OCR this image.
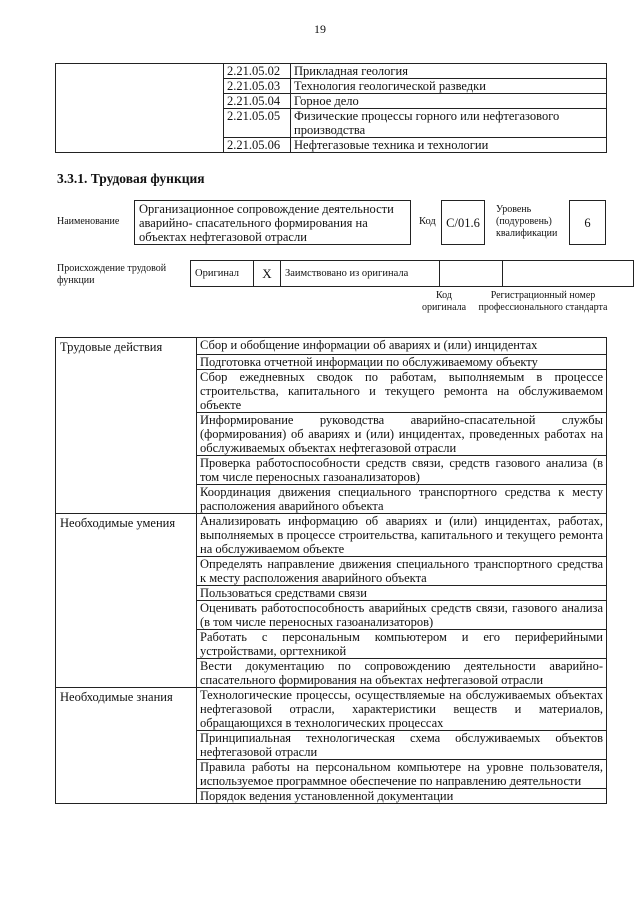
19
	2.21.05.02	Прикладная геология
	2.21.05.03	Технология геологической разведки
	2.21.05.04	Горное дело
	2.21.05.05	Физические процессы горного или нефтегазового производства
	2.21.05.06	Нефтегазовые техника и технологии
3.3.1. Трудовая функция
Наименование
Организационное сопровождение деятельности аварийно- спасательного формирования на объектах нефтегазовой отрасли
Код С/01.6
Уровень (подуровень) квалификации
6
Происхождение трудовой функции
Оригинал	X	Заимствовано из оригинала		
Код оригинала
Регистрационный номер профессионального стандарта
Трудовые действия	Сбор и обобщение информации об авариях и (или) инцидентах
	Подготовка отчетной информации по обслуживаемому объекту
	Сбор ежедневных сводок по работам, выполняемым в процессе строительства, капитального и текущего ремонта на обслуживаемом объекте
	Информирование руководства аварийно-спасательной службы (формирования) об авариях и (или) инцидентах, проведенных работах на обслуживаемых объектах нефтегазовой отрасли
	Проверка работоспособности средств связи, средств газового анализа (в том числе переносных газоанализаторов)
	Координация движения специального транспортного средства к месту расположения аварийного объекта
Необходимые умения	Анализировать информацию об авариях и (или) инцидентах, работах, выполняемых в процессе строительства, капитального и текущего ремонта на обслуживаемом объекте
	Определять направление движения специального транспортного средства к месту расположения аварийного объекта
	Пользоваться средствами связи
	Оценивать работоспособность аварийных средств связи, газового анализа (в том числе переносных газоанализаторов)
	Работать с персональным компьютером и его периферийными устройствами, оргтехникой
	Вести документацию по сопровождению деятельности аварийно-спасательного формирования на объектах нефтегазовой отрасли
Необходимые знания	Технологические процессы, осуществляемые на обслуживаемых объектах нефтегазовой отрасли, характеристики веществ и материалов, обращающихся в технологических процессах
	Принципиальная технологическая схема обслуживаемых объектов нефтегазовой отрасли
	Правила работы на персональном компьютере на уровне пользователя, используемое программное обеспечение по направлению деятельности
	Порядок ведения установленной документации
